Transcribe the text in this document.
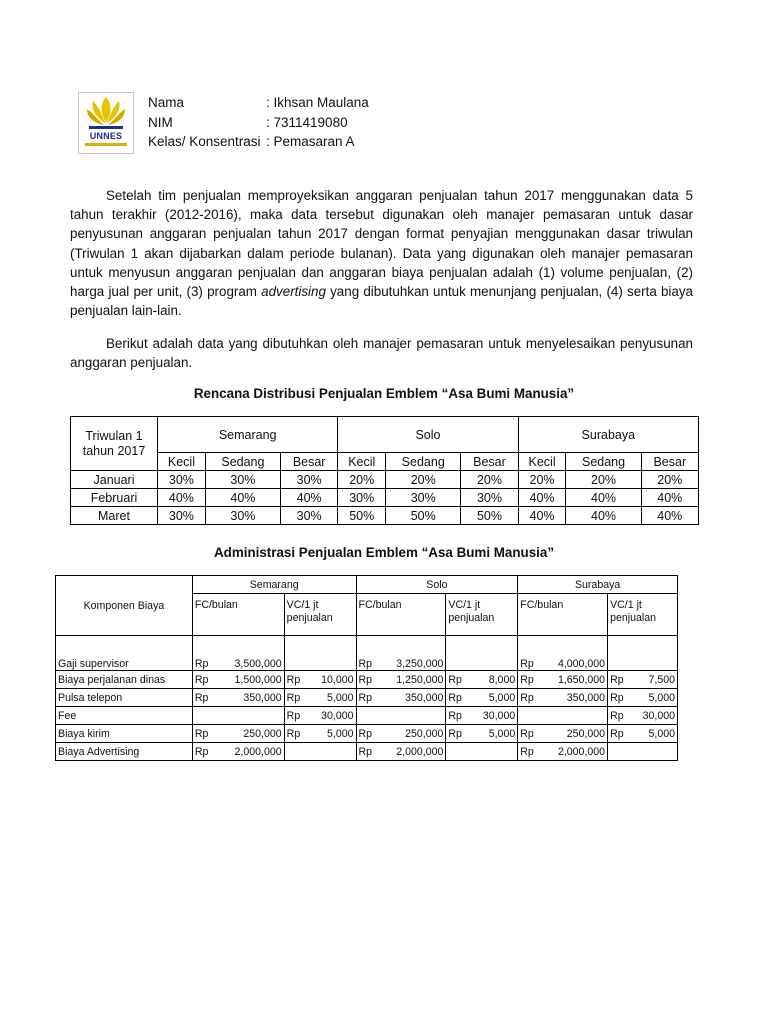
UNNES
Nama	: Ikhsan Maulana
NIM	: 7311419080
Kelas/ Konsentrasi : Pemasaran A

Setelah tim penjualan memproyeksikan anggaran penjualan tahun 2017 menggunakan data 5 tahun terakhir (2012-2016), maka data tersebut digunakan oleh manajer pemasaran untuk dasar penyusunan anggaran penjualan tahun 2017 dengan format penyajian menggunakan dasar triwulan (Triwulan 1 akan dijabarkan dalam periode bulanan). Data yang digunakan oleh manajer pemasaran untuk menyusun anggaran penjualan dan anggaran biaya penjualan adalah (1) volume penjualan, (2) harga jual per unit, (3) program advertising yang dibutuhkan untuk menunjang penjualan, (4) serta biaya penjualan lain-lain.

Berikut adalah data yang dibutuhkan oleh manajer pemasaran untuk menyelesaikan penyusunan anggaran penjualan.

Rencana Distribusi Penjualan Emblem “Asa Bumi Manusia”
Triwulan 1
tahun 2017	Semarang			Solo			Surabaya		
	Kecil	Sedang	Besar	Kecil	Sedang	Besar	Kecil	Sedang	Besar
Januari	30%	30%	30%	20%	20%	20%	20%	20%	20%
Februari	40%	40%	40%	30%	30%	30%	40%	40%	40%
Maret	30%	30%	30%	50%	50%	50%	40%	40%	40%
Administrasi Penjualan Emblem “Asa Bumi Manusia”
Komponen Biaya	Semarang		Solo		Surabaya	
	FC/bulan	VC/1 jt
penjualan	FC/bulan	VC/1 jt
penjualan	FC/bulan	VC/1 jt
penjualan
Gaji supervisor	Rp 3,500,000		Rp 3,250,000		Rp 4,000,000	

Biaya perjalanan dinas	Rp 1,500,000	Rp 10,000	Rp 1,250,000	Rp 8,000	Rp 1,650,000	Rp 7,500

Pulsa telepon	Rp 350,000	Rp 5,000	Rp 350,000	Rp 5,000	Rp 350,000	Rp 5,000

Fee		Rp 30,000		Rp 30,000		Rp 30,000

Biaya kirim	Rp 250,000	Rp 5,000	Rp 250,000	Rp 5,000	Rp 250,000	Rp 5,000

Biaya Advertising	Rp 2,000,000		Rp 2,000,000		Rp 2,000,000	
